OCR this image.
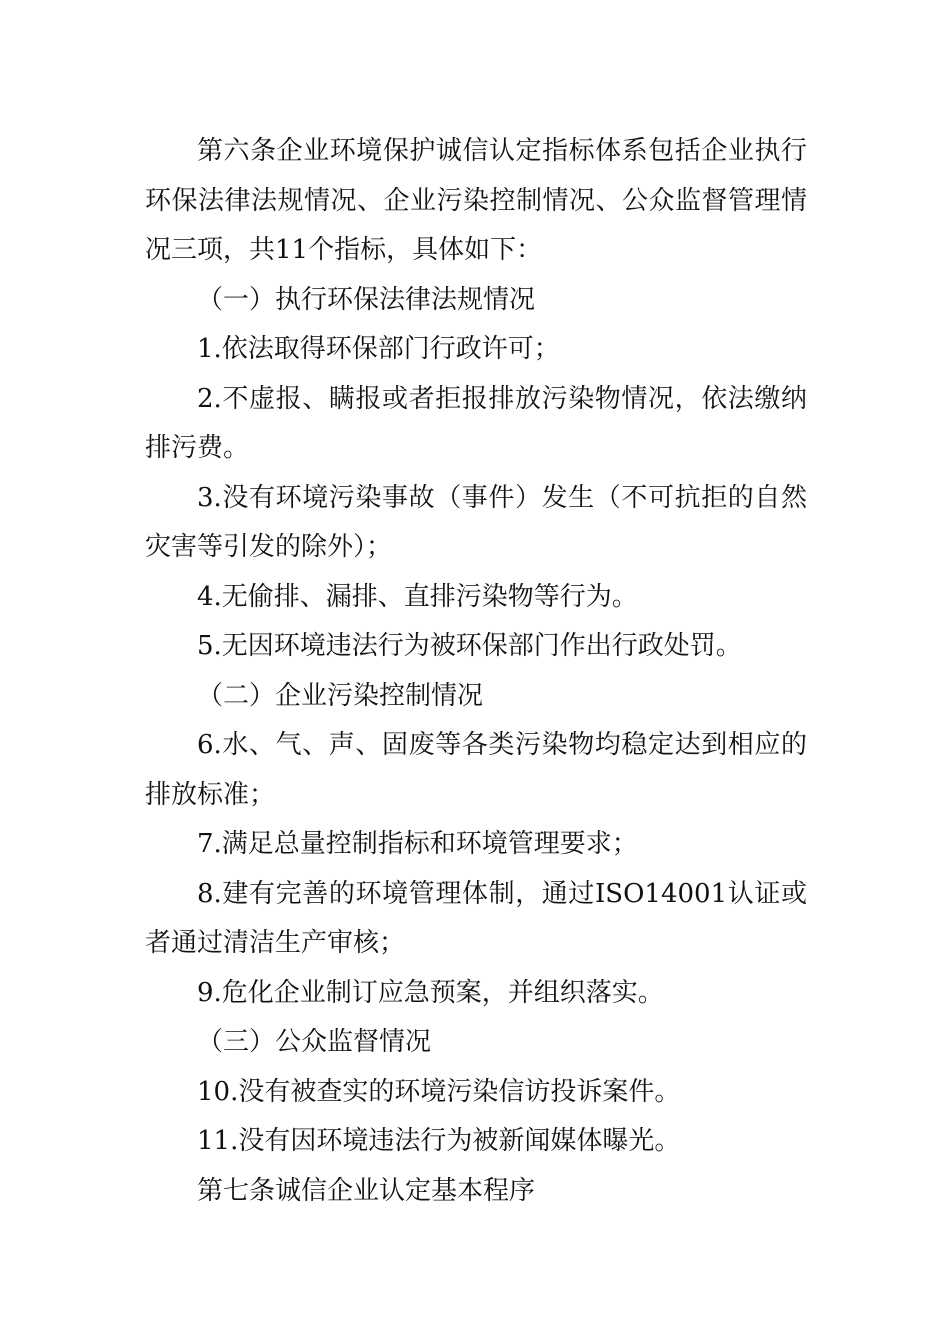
第六条企业环境保护诚信认定指标体系包括企业执行环保法律法规情况、企业污染控制情况、公众监督管理情况三项，共11个指标，具体如下：

（一）执行环保法律法规情况

1.依法取得环保部门行政许可；

2.不虚报、瞒报或者拒报排放污染物情况，依法缴纳排污费。

3.没有环境污染事故（事件）发生（不可抗拒的自然灾害等引发的除外）；

4.无偷排、漏排、直排污染物等行为。

5.无因环境违法行为被环保部门作出行政处罚。

（二）企业污染控制情况

6.水、气、声、固废等各类污染物均稳定达到相应的排放标准；

7.满足总量控制指标和环境管理要求；

8.建有完善的环境管理体制，通过ISO14001认证或者通过清洁生产审核；

9.危化企业制订应急预案，并组织落实。

（三）公众监督情况

10.没有被查实的环境污染信访投诉案件。

11.没有因环境违法行为被新闻媒体曝光。

第七条诚信企业认定基本程序
